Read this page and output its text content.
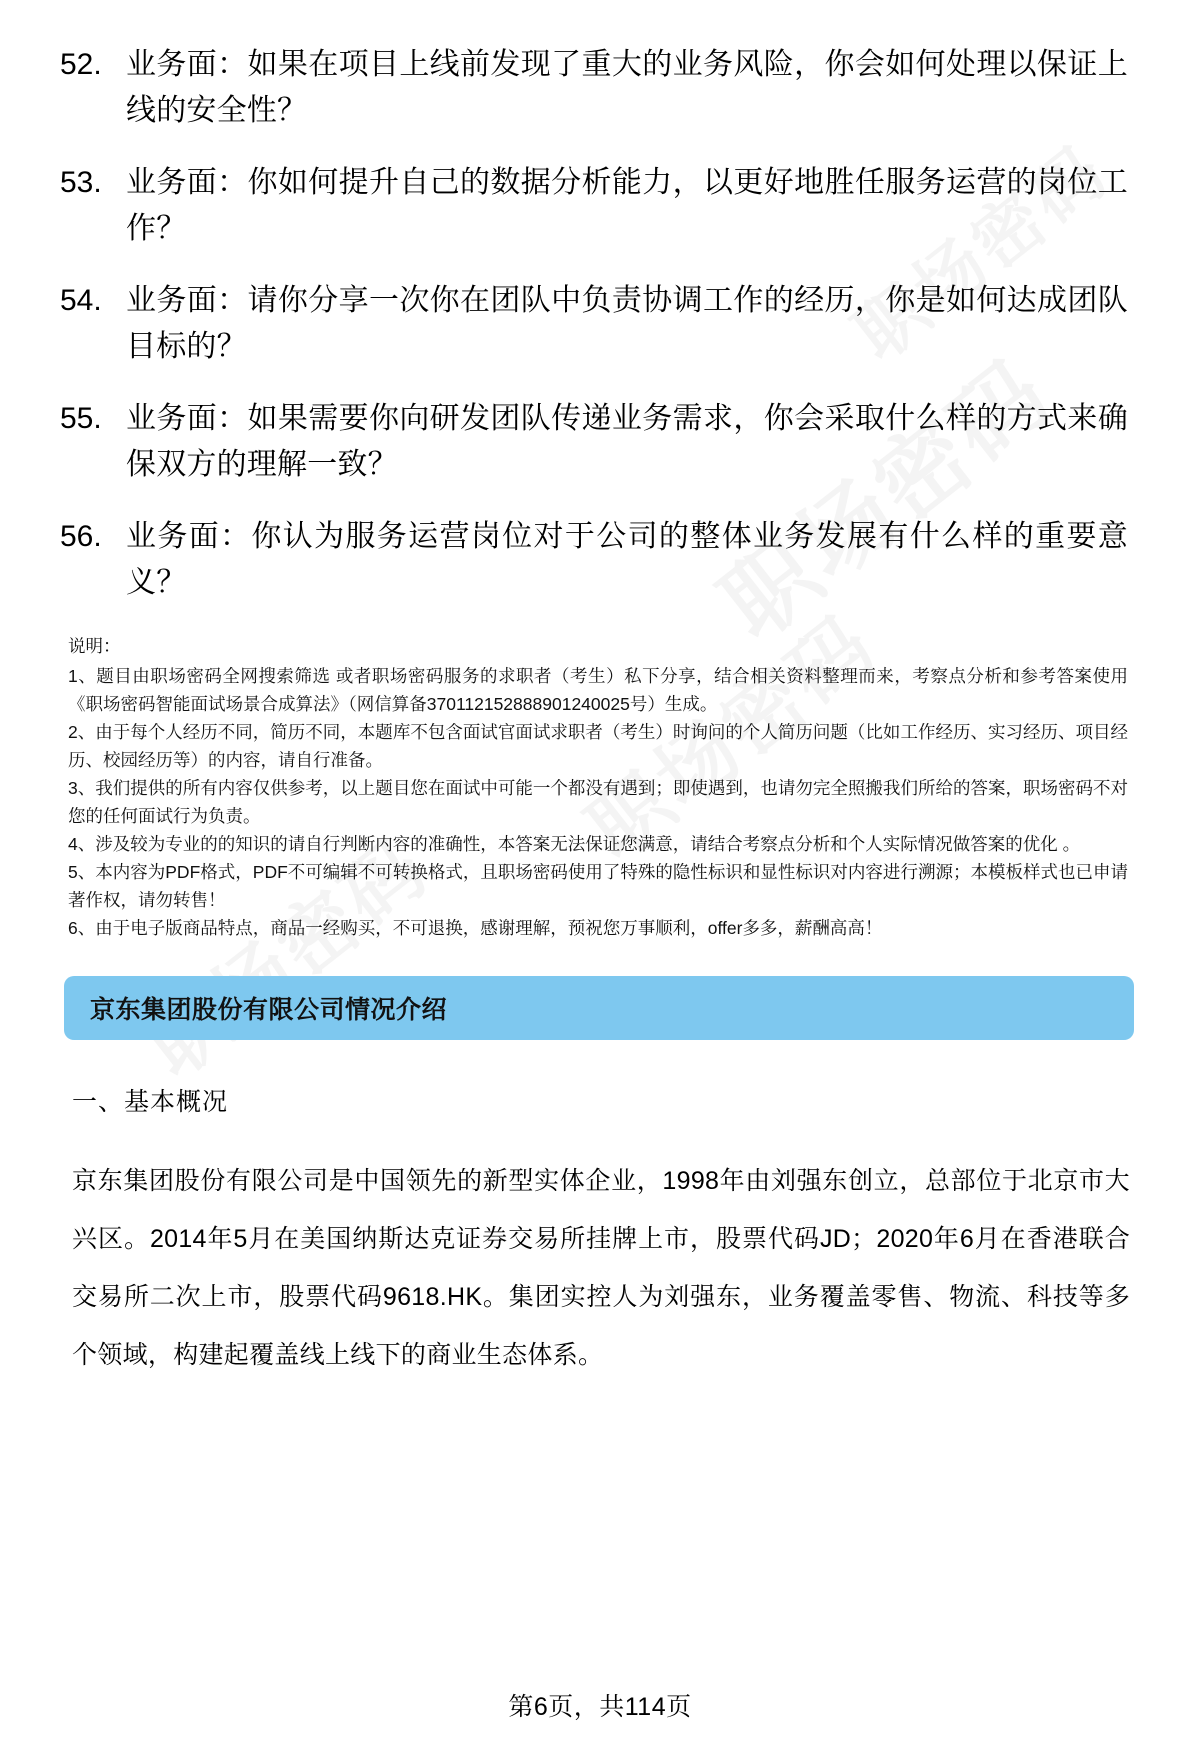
52. 业务面：如果在项目上线前发现了重大的业务风险，你会如何处理以保证上线的安全性？
53. 业务面：你如何提升自己的数据分析能力，以更好地胜任服务运营的岗位工作？
54. 业务面：请你分享一次你在团队中负责协调工作的经历，你是如何达成团队目标的？
55. 业务面：如果需要你向研发团队传递业务需求，你会采取什么样的方式来确保双方的理解一致？
56. 业务面：你认为服务运营岗位对于公司的整体业务发展有什么样的重要意义？
说明：

1、题目由职场密码全网搜索筛选 或者职场密码服务的求职者（考生）私下分享，结合相关资料整理而来，考察点分析和参考答案使用《职场密码智能面试场景合成算法》（网信算备370112152888901240025号）生成。

2、由于每个人经历不同，简历不同，本题库不包含面试官面试求职者（考生）时询问的个人简历问题（比如工作经历、实习经历、项目经历、校园经历等）的内容，请自行准备。

3、我们提供的所有内容仅供参考，以上题目您在面试中可能一个都没有遇到；即使遇到，也请勿完全照搬我们所给的答案，职场密码不对您的任何面试行为负责。

4、涉及较为专业的的知识的请自行判断内容的准确性，本答案无法保证您满意，请结合考察点分析和个人实际情况做答案的优化 。

5、本内容为PDF格式，PDF不可编辑不可转换格式，且职场密码使用了特殊的隐性标识和显性标识对内容进行溯源；本模板样式也已申请著作权，请勿转售！

6、由于电子版商品特点，商品一经购买，不可退换，感谢理解，预祝您万事顺利，offer多多，薪酬高高！

京东集团股份有限公司情况介绍
一、基本概况
京东集团股份有限公司是中国领先的新型实体企业，1998年由刘强东创立，总部位于北京市大兴区。2014年5月在美国纳斯达克证券交易所挂牌上市，股票代码JD；2020年6月在香港联合交易所二次上市，股票代码9618.HK。集团实控人为刘强东，业务覆盖零售、物流、科技等多个领域，构建起覆盖线上线下的商业生态体系。
第6页，共114页
